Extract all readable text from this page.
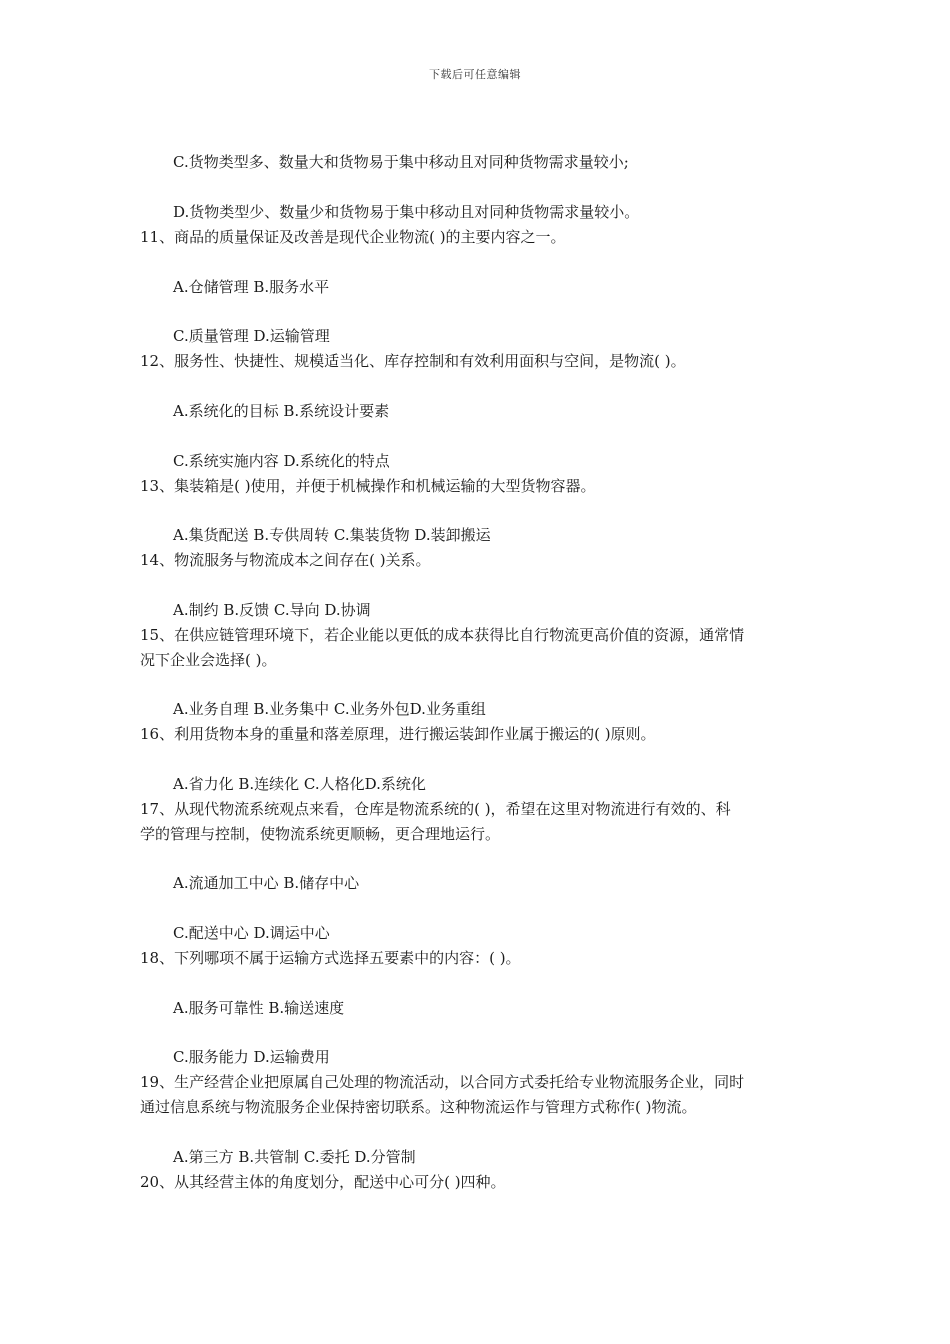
下载后可任意编辑
C.货物类型多、数量大和货物易于集中移动且对同种货物需求量较小;
D.货物类型少、数量少和货物易于集中移动且对同种货物需求量较小。
11、商品的质量保证及改善是现代企业物流( )的主要内容之一。
A.仓储管理 B.服务水平
C.质量管理 D.运输管理
12、服务性、快捷性、规模适当化、库存控制和有效利用面积与空间，是物流( )。
A.系统化的目标 B.系统设计要素
C.系统实施内容 D.系统化的特点
13、集装箱是( )使用，并便于机械操作和机械运输的大型货物容器。
A.集货配送 B.专供周转 C.集装货物 D.装卸搬运
14、物流服务与物流成本之间存在( )关系。
A.制约 B.反馈 C.导向 D.协调
15、在供应链管理环境下，若企业能以更低的成本获得比自行物流更高价值的资源，通常情
况下企业会选择( )。
A.业务自理 B.业务集中 C.业务外包D.业务重组
16、利用货物本身的重量和落差原理，进行搬运装卸作业属于搬运的( )原则。
A.省力化 B.连续化 C.人格化D.系统化
17、从现代物流系统观点来看，仓库是物流系统的( )，希望在这里对物流进行有效的、科
学的管理与控制，使物流系统更顺畅，更合理地运行。
A.流通加工中心 B.储存中心
C.配送中心 D.调运中心
18、下列哪项不属于运输方式选择五要素中的内容：( )。
A.服务可靠性 B.输送速度
C.服务能力 D.运输费用
19、生产经营企业把原属自己处理的物流活动，以合同方式委托给专业物流服务企业，同时
通过信息系统与物流服务企业保持密切联系。这种物流运作与管理方式称作( )物流。
A.第三方 B.共管制 C.委托 D.分管制
20、从其经营主体的角度划分，配送中心可分( )四种。
